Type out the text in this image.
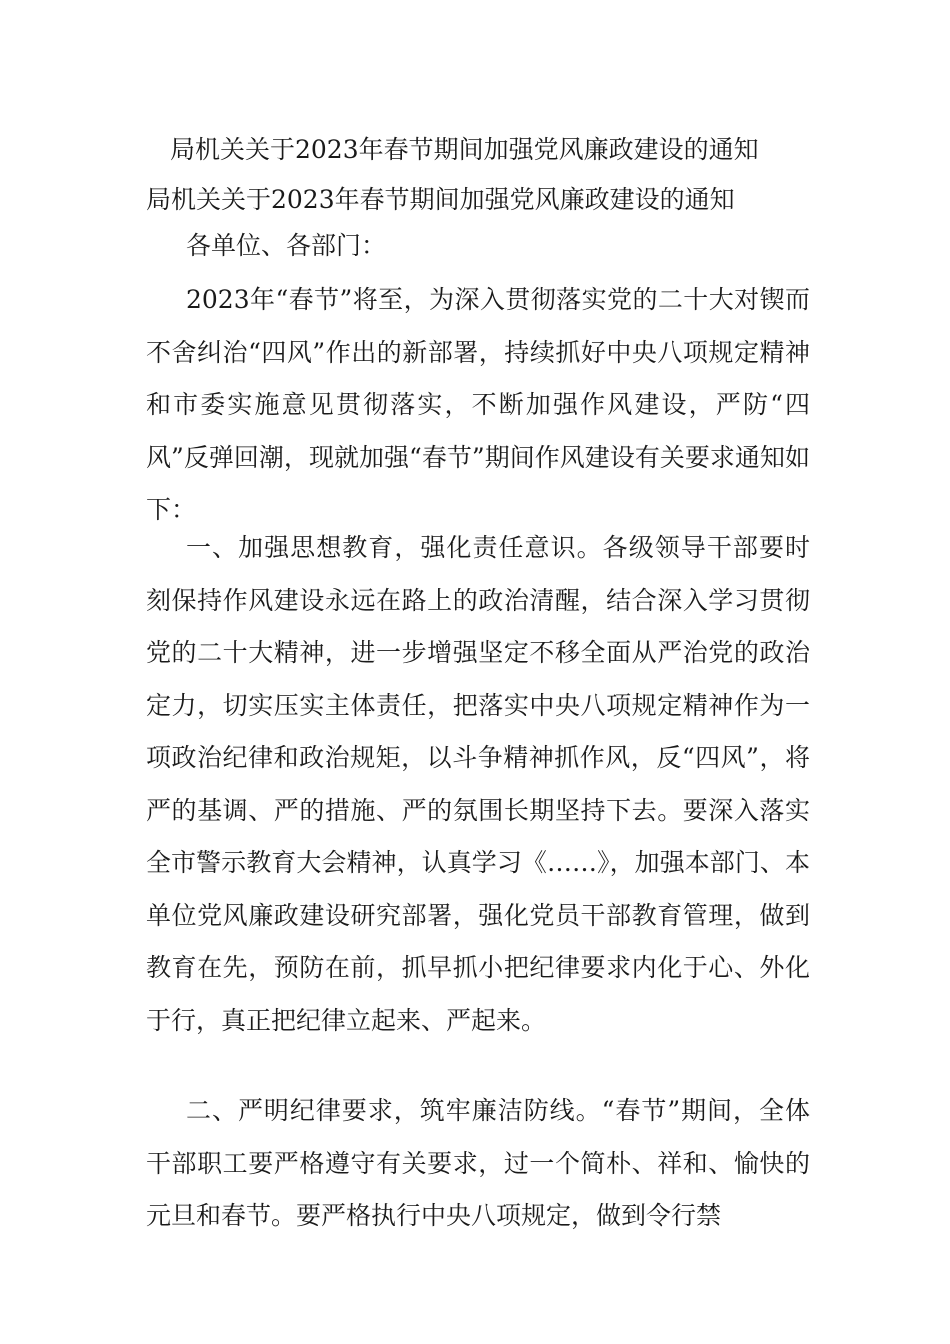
局机关关于2023年春节期间加强党风廉政建设的通知
局机关关于2023年春节期间加强党风廉政建设的通知
各单位、各部门：

2023年“春节”将至，为深入贯彻落实党的二十大对锲而不舍纠治“四风”作出的新部署，持续抓好中央八项规定精神和市委实施意见贯彻落实，不断加强作风建设，严防“四风”反弹回潮，现就加强“春节”期间作风建设有关要求通知如下：

一、加强思想教育，强化责任意识。各级领导干部要时刻保持作风建设永远在路上的政治清醒，结合深入学习贯彻党的二十大精神，进一步增强坚定不移全面从严治党的政治定力，切实压实主体责任，把落实中央八项规定精神作为一项政治纪律和政治规矩，以斗争精神抓作风，反“四风”，将严的基调、严的措施、严的氛围长期坚持下去。要深入落实全市警示教育大会精神，认真学习《……》，加强本部门、本单位党风廉政建设研究部署，强化党员干部教育管理，做到教育在先，预防在前，抓早抓小把纪律要求内化于心、外化于行，真正把纪律立起来、严起来。

二、严明纪律要求，筑牢廉洁防线。“春节”期间，全体干部职工要严格遵守有关要求，过一个简朴、祥和、愉快的元旦和春节。要严格执行中央八项规定，做到令行禁
